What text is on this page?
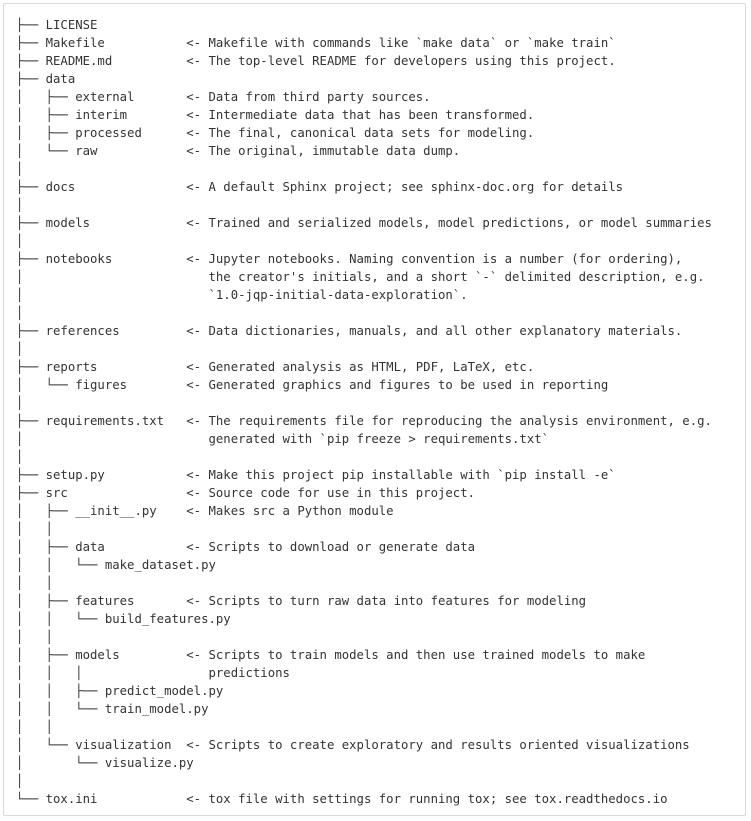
├── LICENSE
├── Makefile           <- Makefile with commands like `make data` or `make train`
├── README.md          <- The top-level README for developers using this project.
├── data
│   ├── external       <- Data from third party sources.
│   ├── interim        <- Intermediate data that has been transformed.
│   ├── processed      <- The final, canonical data sets for modeling.
│   └── raw            <- The original, immutable data dump.
│
├── docs               <- A default Sphinx project; see sphinx-doc.org for details
│
├── models             <- Trained and serialized models, model predictions, or model summaries
│
├── notebooks          <- Jupyter notebooks. Naming convention is a number (for ordering),
│                         the creator's initials, and a short `-` delimited description, e.g.
│                         `1.0-jqp-initial-data-exploration`.
│
├── references         <- Data dictionaries, manuals, and all other explanatory materials.
│
├── reports            <- Generated analysis as HTML, PDF, LaTeX, etc.
│   └── figures        <- Generated graphics and figures to be used in reporting
│
├── requirements.txt   <- The requirements file for reproducing the analysis environment, e.g.
│                         generated with `pip freeze > requirements.txt`
│
├── setup.py           <- Make this project pip installable with `pip install -e`
├── src                <- Source code for use in this project.
│   ├── __init__.py    <- Makes src a Python module
│   │
│   ├── data           <- Scripts to download or generate data
│   │   └── make_dataset.py
│   │
│   ├── features       <- Scripts to turn raw data into features for modeling
│   │   └── build_features.py
│   │
│   ├── models         <- Scripts to train models and then use trained models to make
│   │   │                 predictions
│   │   ├── predict_model.py
│   │   └── train_model.py
│   │
│   └── visualization  <- Scripts to create exploratory and results oriented visualizations
│       └── visualize.py
│
└── tox.ini            <- tox file with settings for running tox; see tox.readthedocs.io
